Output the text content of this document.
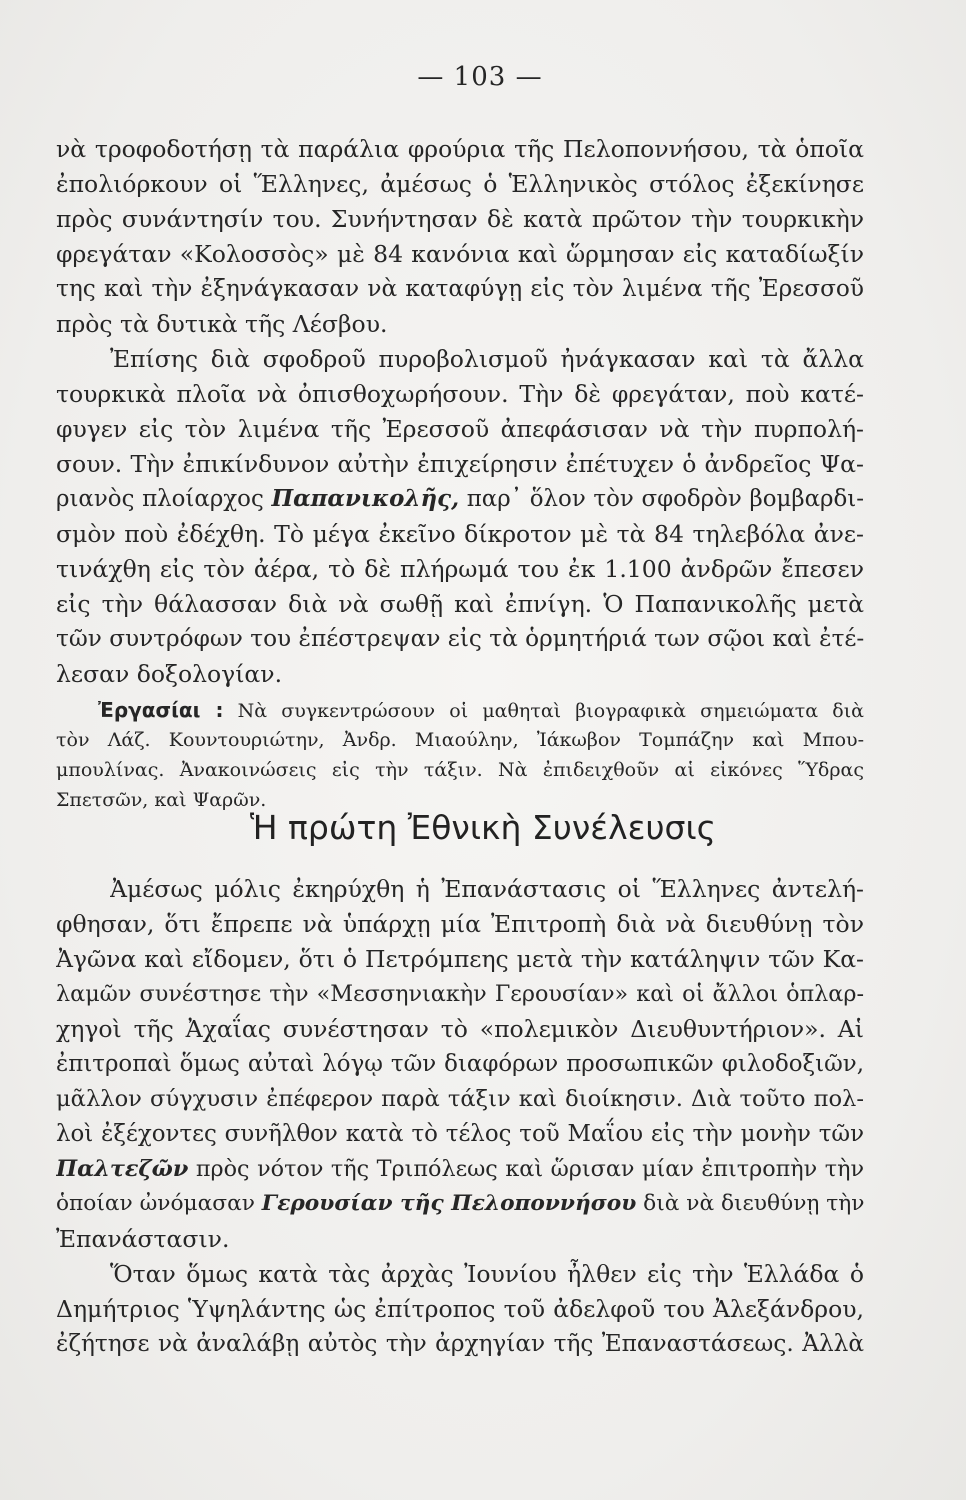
— 103 —
νὰ τροφοδοτήσῃ τὰ παράλια φρούρια τῆς Πελοποννήσου, τὰ ὁποῖα
ἐπολιόρκουν οἱ Ἕλληνες, ἀμέσως ὁ Ἑλληνικὸς στόλος ἐξεκίνησε
πρὸς συνάντησίν του. Συνήντησαν δὲ κατὰ πρῶτον τὴν τουρκικὴν
φρεγάταν «Κολοσσὸς» μὲ 84 κανόνια καὶ ὥρμησαν εἰς καταδίωξίν
της καὶ τὴν ἐξηνάγκασαν νὰ καταφύγῃ εἰς τὸν λιμένα τῆς Ἐρεσσοῦ
πρὸς τὰ δυτικὰ τῆς Λέσβου.
Ἐπίσης διὰ σφοδροῦ πυροβολισμοῦ ἠνάγκασαν καὶ τὰ ἄλλα
τουρκικὰ πλοῖα νὰ ὀπισθοχωρήσουν. Τὴν δὲ φρεγάταν, ποὺ κατέ-
φυγεν εἰς τὸν λιμένα τῆς Ἐρεσσοῦ ἀπεφάσισαν νὰ τὴν πυρπολή-
σουν. Τὴν ἐπικίνδυνον αὐτὴν ἐπιχείρησιν ἐπέτυχεν ὁ ἀνδρεῖος Ψα-
ριανὸς πλοίαρχος Παπανικολῆς, παρ᾽ ὅλον τὸν σφοδρὸν βομβαρδι-
σμὸν ποὺ ἐδέχθη. Τὸ μέγα ἐκεῖνο δίκροτον μὲ τὰ 84 τηλεβόλα ἀνε-
τινάχθη εἰς τὸν ἀέρα, τὸ δὲ πλήρωμά του ἐκ 1.100 ἀνδρῶν ἔπεσεν
εἰς τὴν θάλασσαν διὰ νὰ σωθῇ καὶ ἐπνίγη. Ὁ Παπανικολῆς μετὰ
τῶν συντρόφων του ἐπέστρεψαν εἰς τὰ ὁρμητήριά των σῷοι καὶ ἐτέ-
λεσαν δοξολογίαν.
Ἐργασίαι : Νὰ συγκεντρώσουν οἱ μαθηταὶ βιογραφικὰ σημειώματα διὰ
τὸν Λάζ. Κουντουριώτην, Ἀνδρ. Μιαούλην, Ἰάκωβον Τομπάζην καὶ Μπου-
μπουλίνας. Ἀνακοινώσεις εἰς τὴν τάξιν. Νὰ ἐπιδειχθοῦν αἱ εἰκόνες Ὕδρας
Σπετσῶν, καὶ Ψαρῶν.
Ἡ πρώτη Ἐθνικὴ Συνέλευσις
Ἀμέσως μόλις ἐκηρύχθη ἡ Ἐπανάστασις οἱ Ἕλληνες ἀντελή-
φθησαν, ὅτι ἔπρεπε νὰ ὑπάρχῃ μία Ἐπιτροπὴ διὰ νὰ διευθύνῃ τὸν
Ἀγῶνα καὶ εἴδομεν, ὅτι ὁ Πετρόμπεης μετὰ τὴν κατάληψιν τῶν Κα-
λαμῶν συνέστησε τὴν «Μεσσηνιακὴν Γερουσίαν» καὶ οἱ ἄλλοι ὁπλαρ-
χηγοὶ τῆς Ἀχαΐας συνέστησαν τὸ «πολεμικὸν Διευθυντήριον». Αἱ
ἐπιτροπαὶ ὅμως αὐταὶ λόγῳ τῶν διαφόρων προσωπικῶν φιλοδοξιῶν,
μᾶλλον σύγχυσιν ἐπέφερον παρὰ τάξιν καὶ διοίκησιν. Διὰ τοῦτο πολ-
λοὶ ἐξέχοντες συνῆλθον κατὰ τὸ τέλος τοῦ Μαΐου εἰς τὴν μονὴν τῶν
Παλτεζῶν πρὸς νότον τῆς Τριπόλεως καὶ ὥρισαν μίαν ἐπιτροπὴν τὴν
ὁποίαν ὠνόμασαν Γερουσίαν τῆς Πελοποννήσου διὰ νὰ διευθύνῃ τὴν
Ἐπανάστασιν.
Ὅταν ὅμως κατὰ τὰς ἀρχὰς Ἰουνίου ἦλθεν εἰς τὴν Ἑλλάδα ὁ
Δημήτριος Ὑψηλάντης ὡς ἐπίτροπος τοῦ ἀδελφοῦ του Ἀλεξάνδρου,
ἐζήτησε νὰ ἀναλάβῃ αὐτὸς τὴν ἀρχηγίαν τῆς Ἐπαναστάσεως. Ἀλλὰ
